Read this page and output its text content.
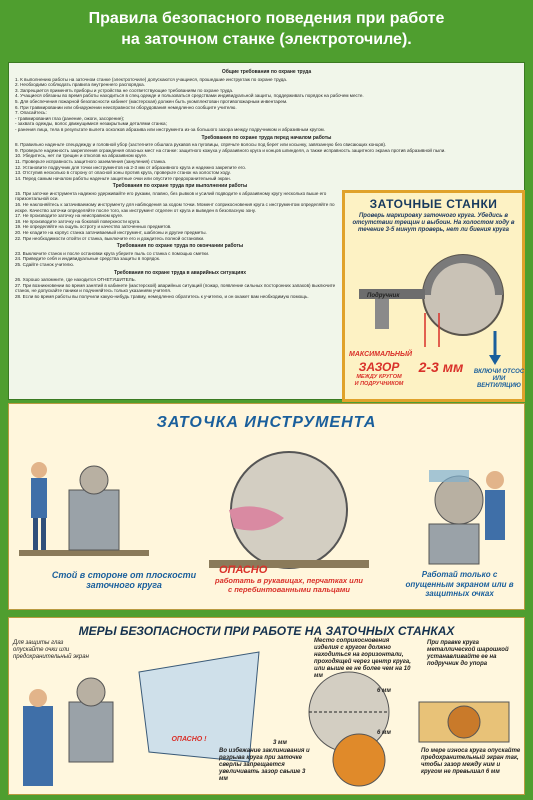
Правила безопасного поведения при работе
на заточном станке (электроточиле).
Общие требования по охране труда

1. К выполнению работы на заточном станке (электроточиле) допускаются учащиеся, прошедшие инструктаж по охране труда.

2. Необходимо соблюдать правила внутреннего распорядка.

3. Запрещается применять приборы и устройства не соответствующие требованиям по охране труда.

4. Учащиеся обязаны во время работы находиться в спец.одежде и пользоваться средствами индивидуальной защиты, поддерживать порядок на рабочем месте.

5. Для обеспечения пожарной безопасности кабинет (мастерская) должен быть укомплектован противопожарным инвентарем.

6. При травмировании или обнаружении неисправности оборудования немедленно сообщите учителю.

7. Опасайтесь:

- травмирования глаз (ранение, ожоги, засорение);

- захвата одежды, волос движущимися незакрытыми деталями станка;

- ранения лица, тела в результате вылета осколков абразива или инструмента из-за большого зазора между подручником и абразивным кругом.

Требования по охране труда перед началом работы

8. Правильно наденьте спецодежду и головной убор (застегните обшлага рукавов на пуговицы, спрячьте волосы под берет или косынку, завязанную без свисающих концов).

9. Проверьте надежность закрепления ограждения опасных мест на станке: защитного кожуха у абразивного круга и концов шпинделя, а также исправность защитного экрана против абразивной пыли.

10. Убедитесь, нет ли трещин и отколов на абразивном круге.

11. Проверьте исправность защитного заземления (зануления) станка.

12. Установите подручник для точки инструментов на 2-3 мм от абразивного круга и надежно закрепите его.

13. Отступив несколько в сторону от опасной зоны против круга, проверьте станок на холостом ходу.

14. Перед самым началом работы наденьте защитные очки или опустите предохранительный экран.

Требования по охране труда при выполнении работы

15. При заточке инструмента надежно удерживайте его руками, плавно, без рывков и усилий подводите к абразивному кругу несколько выше его горизонтальной оси.

16. Не наклоняйтесь к затачиваемому инструменту для наблюдения за ходом точки. Момент соприкосновения круга с инструментом определяйте по искре. Качество заточки определяйте после того, как инструмент отделен от круга и выведен в безопасную зону.

17. Не производите заточку на неисправном круге.

18. Не производите заточку на боковой поверхности круга.

19. Не определяйте на ощупь остроту и качество заточенных предметов.

20. Не кладите на корпус станка затачиваемый инструмент, шаблоны и другие предметы.

22. При необходимости отойти от станка, выключите его и дождитесь полной остановки.

Требования по охране труда по окончании работы

23. Выключите станок и после остановки круга уберите пыль со станка с помощью сметки.

24. Приведите себя и индивидуальные средства защиты в порядок.

25. Сдайте станок учителю.

Требования по охране труда в аварийных ситуациях

26. Хорошо запомните, где находится ОГНЕТУШИТЕЛЬ.

27. При возникновении во время занятий в кабинете (мастерской) аварийных ситуаций (пожар, появление сильных посторонних запахов) выключите станок, не допускайте паники и подчиняйтесь только указаниям учителя.

28. Если во время работы вы получили какую-нибудь травму, немедленно обратитесь к учителю, и он окажет вам необходимую помощь.

ЗАТОЧНЫЕ СТАНКИ
Проверь маркировку заточного круга. Убедись в отсутствии трещин и выбоин. На холостом ходу в течение 3-5 минут проверь, нет ли биения круга
Подручник
МАКСИМАЛЬНЫЙ
ЗАЗОР
МЕЖДУ КРУГОМ
И ПОДРУЧНИКОМ
2-3 мм	ВКЛЮЧИ ОТСОС ИЛИ ВЕНТИЛЯЦИЮ
ЗАТОЧКА ИНСТРУМЕНТА
Стой в стороне от плоскости заточного круга
ОПАСНО
работать в рукавицах, перчатках или с перебинтованными пальцами
Работай только с опущенным экраном или в защитных очках
МЕРЫ БЕЗОПАСНОСТИ ПРИ РАБОТЕ НА ЗАТОЧНЫХ СТАНКАХ
Для защиты глаз опускайте очки или предохранительный экран
ОПАСНО !
Во избежание заклинивания и разрыва круга при заточке сверлы запрещается увеличивать зазор свыше 3 мм
Место соприкосновения изделия с кругом должно находиться на горизонтали, проходящей через центр круга, или выше ее не более чем на 10 мм
6 мм
6 мм
3 мм
При правке круга металлической шарошкой устанавливайте ее на подручник до упора
По мере износа круга опускайте предохранительный экран так, чтобы зазор между ним и кругом не превышал 6 мм
